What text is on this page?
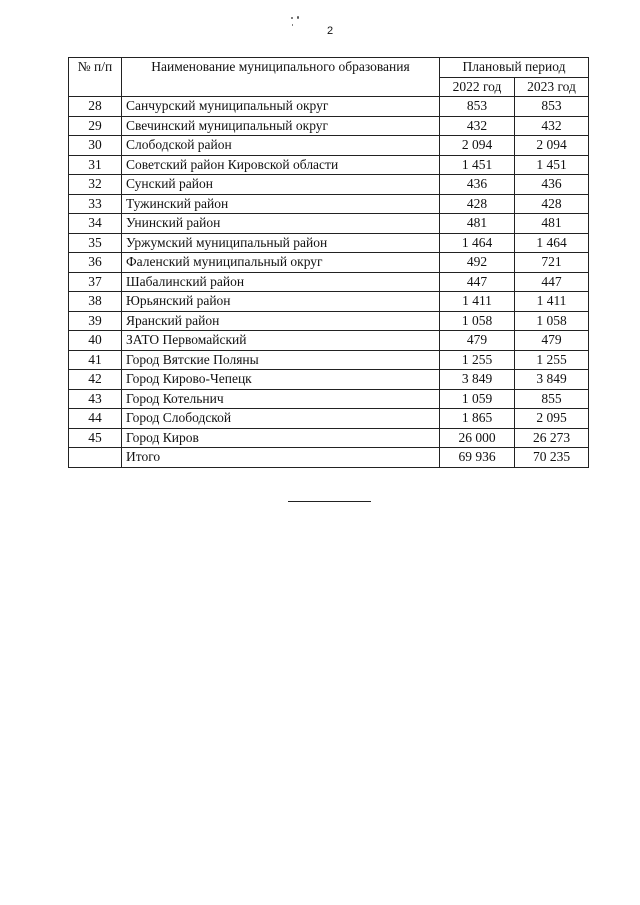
2
№ п/п	Наименование муниципального образования	Плановый период	
		2022 год	2023 год
28	Санчурский муниципальный округ	853	853
29	Свечинский муниципальный округ	432	432
30	Слободской район	2 094	2 094
31	Советский район Кировской области	1 451	1 451
32	Сунский район	436	436
33	Тужинский район	428	428
34	Унинский район	481	481
35	Уржумский муниципальный район	1 464	1 464
36	Фаленский муниципальный округ	492	721
37	Шабалинский район	447	447
38	Юрьянский район	1 411	1 411
39	Яранский район	1 058	1 058
40	ЗАТО Первомайский	479	479
41	Город Вятские Поляны	1 255	1 255
42	Город Кирово-Чепецк	3 849	3 849
43	Город Котельнич	1 059	855
44	Город Слободской	1 865	2 095
45	Город Киров	26 000	26 273
	Итого	69 936	70 235
